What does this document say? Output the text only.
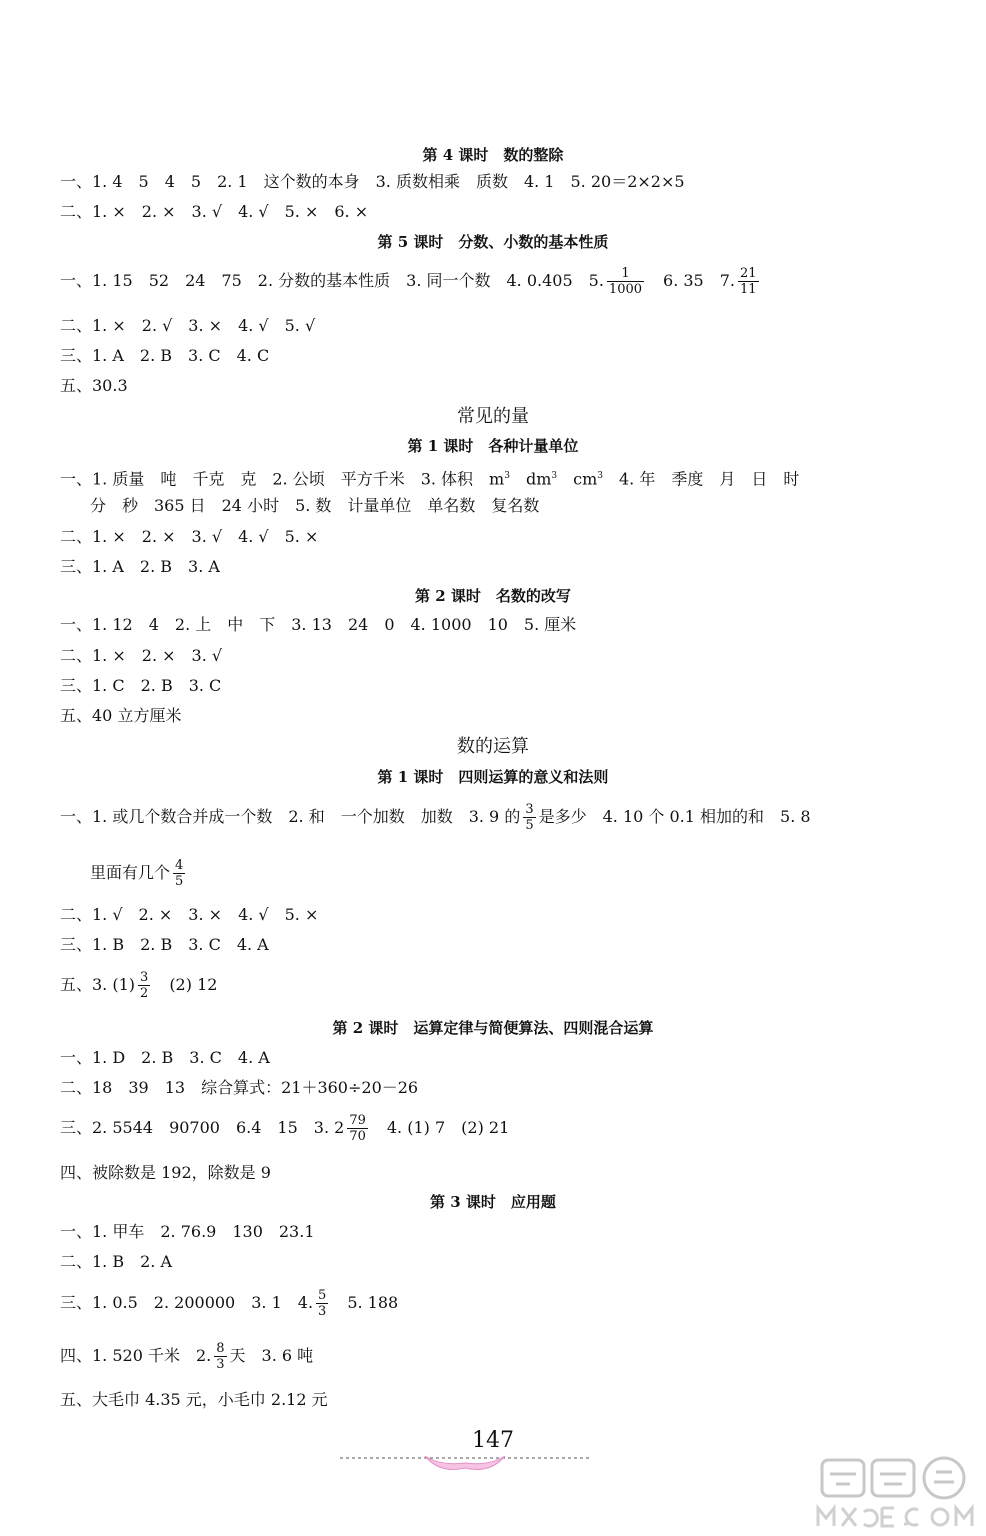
第 4 课时　数的整除
一、1. 4　5　4　5　2. 1　这个数的本身　3. 质数相乘　质数　4. 1　5. 20＝2×2×5
二、1. ×　2. ×　3. √　4. √　5. ×　6. ×
第 5 课时　分数、小数的基本性质
一、1. 15　52　24　75　2. 分数的基本性质　3. 同一个数　4. 0.405　5. $\frac{1}{1000}$ 　6. 35　7. $\frac{21}{11}$
二、1. ×　2. √　3. ×　4. √　5. √
三、1. A　2. B　3. C　4. C
五、30.3
常见的量
第 1 课时　各种计量单位
一、1. 质量　吨　千克　克　2. 公顷　平方千米　3. 体积　$m^3$　$dm^3$　$cm^3$　4. 年　季度　月　日　时
分　秒　365 日　24 小时　5. 数　计量单位　单名数　复名数
二、1. ×　2. ×　3. √　4. √　5. ×
三、1. A　2. B　3. A
第 2 课时　名数的改写
一、1. 12　4　2. 上　中　下　3. 13　24　0　4. 1000　10　5. 厘米
二、1. ×　2. ×　3. √
三、1. C　2. B　3. C
五、40 立方厘米
数的运算
第 1 课时　四则运算的意义和法则
一、1. 或几个数合并成一个数　2. 和　一个加数　加数　3. 9 的 $\frac{3}{5}$ 是多少　4. 10 个 0.1 相加的和　5. 8
里面有几个 $\frac{4}{5}$
二、1. √　2. ×　3. ×　4. √　5. ×
三、1. B　2. B　3. C　4. A
五、3. $(1) \frac{3}{2}$ 　(2) 12
第 2 课时　运算定律与简便算法、四则混合运算
一、1. D　2. B　3. C　4. A
二、18　39　13　综合算式：21＋360÷20－26
三、2. 5544　90700　6.4　15　3. $2 \frac{79}{70}$ 　4. (1) 7　(2) 21
四、被除数是 192，除数是 9
第 3 课时　应用题
一、1. 甲车　2. 76.9　130　23.1
二、1. B　2. A
三、1. 0.5　2. 200000　3. 1　4. $\frac{5}{3}$ 　5. 188
四、1. 520 千米　2. $\frac{8}{3}$ 天　3. 6 吨
五、大毛巾 4.35 元，小毛巾 2.12 元
147
